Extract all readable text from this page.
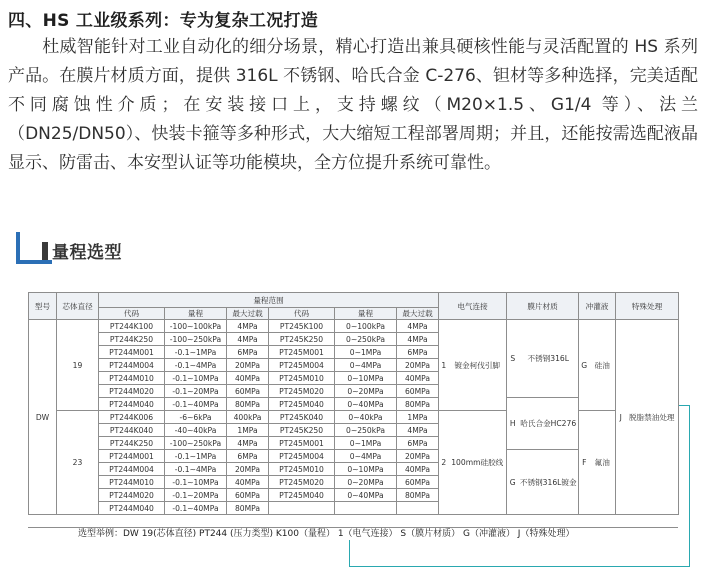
四、HS 工业级系列：专为复杂工况打造
杜威智能针对工业自动化的细分场景，精心打造出兼具硬核性能与灵活配置的 HS 系列产品。在膜片材质方面，提供 316L 不锈钢、哈氏合金 C-276、钽材等多种选择，完美适配不同腐蚀性介质；在安装接口上，支持螺纹（M20×1.5、G1/4 等）、法兰（DN25/DN50）、快装卡箍等多种形式，大大缩短工程部署周期；并且，还能按需选配液晶显示、防雷击、本安型认证等功能模块，全方位提升系统可靠性。
量程选型
型号	芯体直径	量程范围						电气连接		膜片材质		冲灌液		特殊处理	
		代码	量程	最大过载	代码	量程	最大过载								
DW	19	PT244K100	-100~100kPa	4MPa	PT245K100	0~100kPa	4MPa	1	镀金柯伐引脚	S	不锈钢316L	G	硅油	J	脱脂禁油处理
		PT244K250	-100~250kPa	4MPa	PT245K250	0~250kPa	4MPa								
		PT244M001	-0.1~1MPa	6MPa	PT245M001	0~1MPa	6MPa								
		PT244M004	-0.1~4MPa	20MPa	PT245M004	0~4MPa	20MPa								
		PT244M010	-0.1~10MPa	40MPa	PT245M010	0~10MPa	40MPa								
		PT244M020	-0.1~20MPa	60MPa	PT245M020	0~20MPa	60MPa								
		PT244M040	-0.1~40MPa	80MPa	PT245M040	0~40MPa	80MPa			H	哈氏合金HC276				
	23	PT244K006	-6~6kPa	400kPa	PT245K040	0~40kPa	1MPa	2	100mm硅胶线			F	氟油		
		PT244K040	-40~40kPa	1MPa	PT245K250	0~250kPa	4MPa								
		PT244K250	-100~250kPa	4MPa	PT245M001	0~1MPa	6MPa								
		PT244M001	-0.1~1MPa	6MPa	PT245M004	0~4MPa	20MPa			G	不锈钢316L镀金				
		PT244M004	-0.1~4MPa	20MPa	PT245M010	0~10MPa	40MPa								
		PT244M010	-0.1~10MPa	40MPa	PT245M020	0~20MPa	60MPa								
		PT244M020	-0.1~20MPa	60MPa	PT245M040	0~40MPa	80MPa								
		PT244M040	-0.1~40MPa	80MPa											
选型举例：DW 19(芯体直径) PT244 (压力类型) K100（量程） 1（电气连接） S（膜片材质） G（冲灌液） J（特殊处理）
